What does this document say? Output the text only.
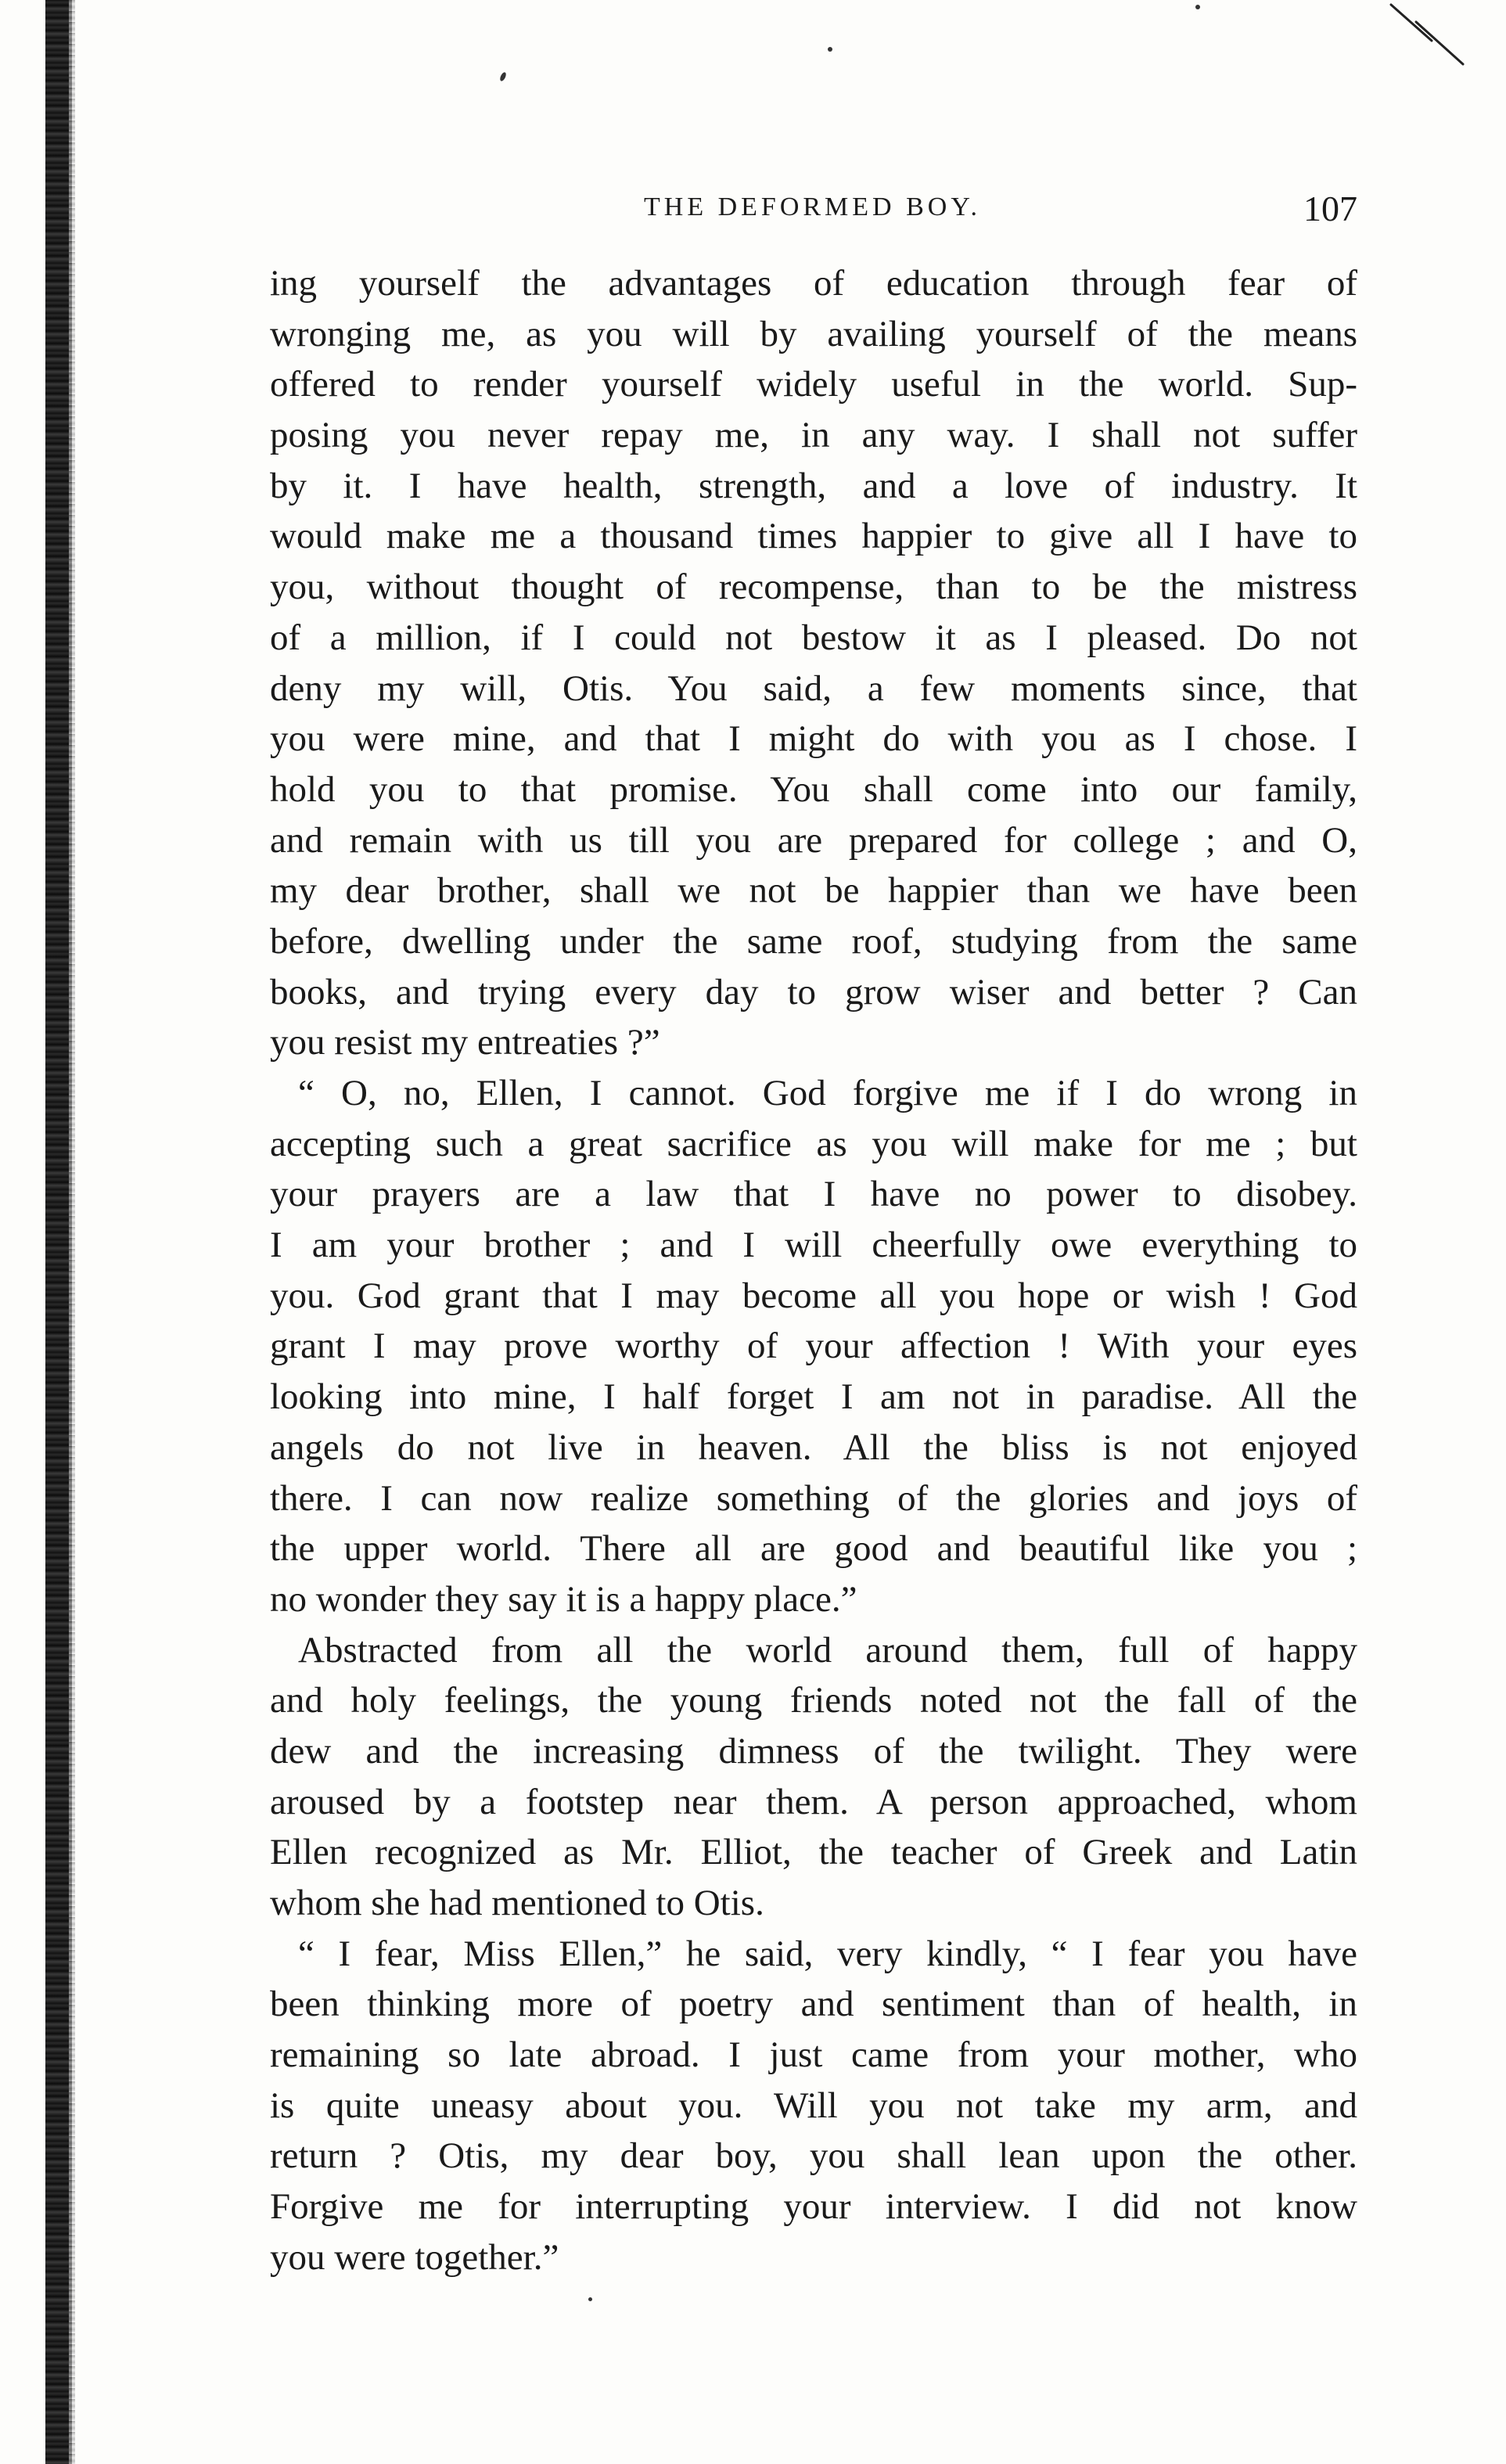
THE DEFORMED BOY.	107
ing yourself the advantages of education through fear of
wronging me, as you will by availing yourself of the means
offered to render yourself widely useful in the world. Sup-
posing you never repay me, in any way. I shall not suffer
by it. I have health, strength, and a love of industry. It
would make me a thousand times happier to give all I have to
you, without thought of recompense, than to be the mistress
of a million, if I could not bestow it as I pleased. Do not
deny my will, Otis. You said, a few moments since, that
you were mine, and that I might do with you as I chose. I
hold you to that promise. You shall come into our family,
and remain with us till you are prepared for college ; and O,
my dear brother, shall we not be happier than we have been
before, dwelling under the same roof, studying from the same
books, and trying every day to grow wiser and better ? Can
you resist my entreaties ?”
“ O, no, Ellen, I cannot. God forgive me if I do wrong in
accepting such a great sacrifice as you will make for me ; but
your prayers are a law that I have no power to disobey.
I am your brother ; and I will cheerfully owe everything to
you. God grant that I may become all you hope or wish ! God
grant I may prove worthy of your affection ! With your eyes
looking into mine, I half forget I am not in paradise. All the
angels do not live in heaven. All the bliss is not enjoyed
there. I can now realize something of the glories and joys of
the upper world. There all are good and beautiful like you ;
no wonder they say it is a happy place.”
Abstracted from all the world around them, full of happy
and holy feelings, the young friends noted not the fall of the
dew and the increasing dimness of the twilight. They were
aroused by a footstep near them. A person approached, whom
Ellen recognized as Mr. Elliot, the teacher of Greek and Latin
whom she had mentioned to Otis.
“ I fear, Miss Ellen,” he said, very kindly, “ I fear you have
been thinking more of poetry and sentiment than of health, in
remaining so late abroad. I just came from your mother, who
is quite uneasy about you. Will you not take my arm, and
return ? Otis, my dear boy, you shall lean upon the other.
Forgive me for interrupting your interview. I did not know
you were together.”
